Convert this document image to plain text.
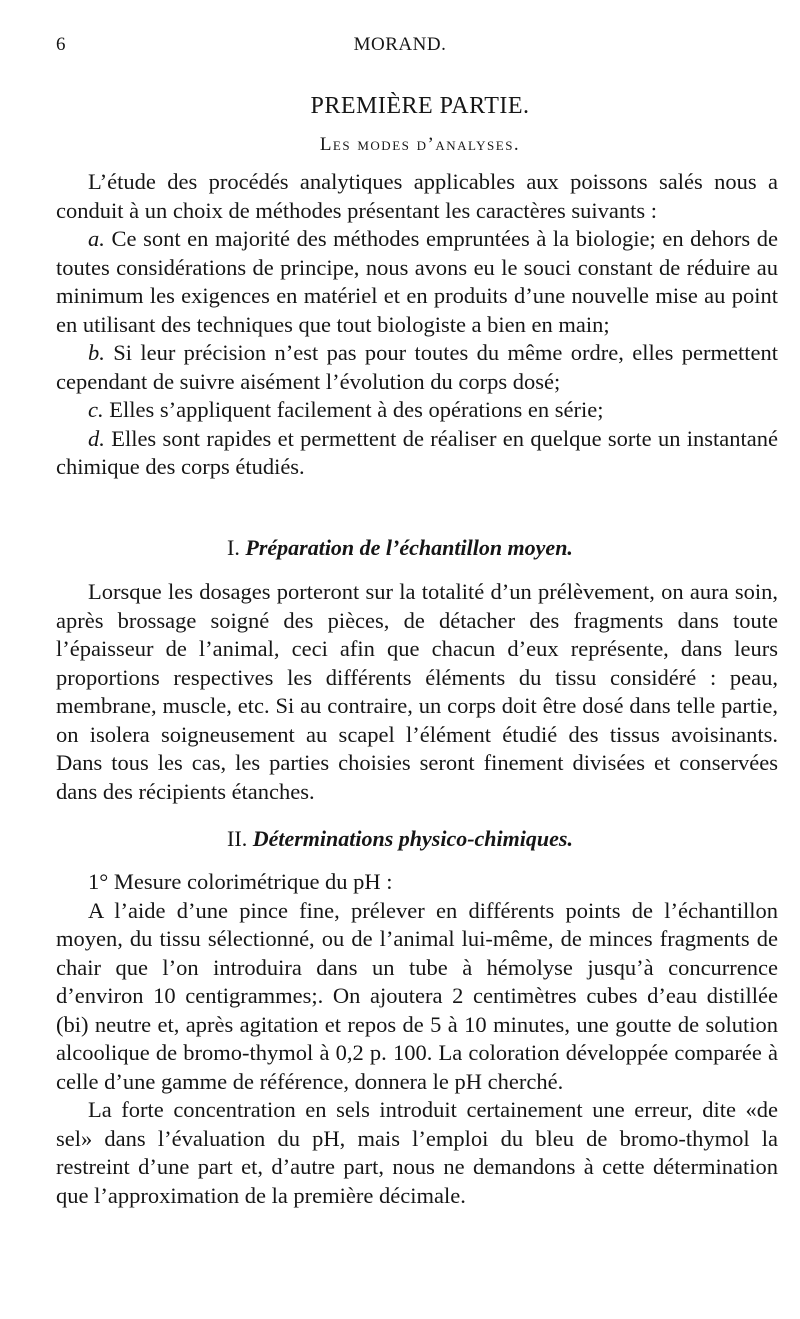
6	MORAND.
PREMIÈRE PARTIE.
Les modes d’analyses.

L’étude des procédés analytiques applicables aux poissons salés nous a conduit à un choix de méthodes présentant les caractères suivants :

a. Ce sont en majorité des méthodes empruntées à la biologie; en dehors de toutes considérations de principe, nous avons eu le souci constant de réduire au minimum les exigences en matériel et en produits d’une nouvelle mise au point en utilisant des techniques que tout biologiste a bien en main;

b. Si leur précision n’est pas pour toutes du même ordre, elles permettent cependant de suivre aisément l’évolution du corps dosé;

c. Elles s’appliquent facilement à des opérations en série;

d. Elles sont rapides et permettent de réaliser en quelque sorte un instantané chimique des corps étudiés.

I. Préparation de l’échantillon moyen.

Lorsque les dosages porteront sur la totalité d’un prélèvement, on aura soin, après brossage soigné des pièces, de détacher des fragments dans toute l’épaisseur de l’animal, ceci afin que chacun d’eux représente, dans leurs proportions respectives les différents éléments du tissu considéré : peau, membrane, muscle, etc. Si au contraire, un corps doit être dosé dans telle partie, on isolera soigneusement au scapel l’élément étudié des tissus avoisinants. Dans tous les cas, les parties choisies seront finement divisées et conservées dans des récipients étanches.

II. Déterminations physico-chimiques.

1° Mesure colorimétrique du pH :

A l’aide d’une pince fine, prélever en différents points de l’échantillon moyen, du tissu sélectionné, ou de l’animal lui-même, de minces fragments de chair que l’on introduira dans un tube à hémolyse jusqu’à concurrence d’environ 10 centigrammes;. On ajoutera 2 centimètres cubes d’eau distillée (bi) neutre et, après agitation et repos de 5 à 10 minutes, une goutte de solution alcoolique de bromo-thymol à 0,2 p. 100. La coloration développée comparée à celle d’une gamme de référence, donnera le pH cherché.

La forte concentration en sels introduit certainement une erreur, dite «de sel» dans l’évaluation du pH, mais l’emploi du bleu de bromo-thymol la restreint d’une part et, d’autre part, nous ne demandons à cette détermination que l’approximation de la première décimale.
